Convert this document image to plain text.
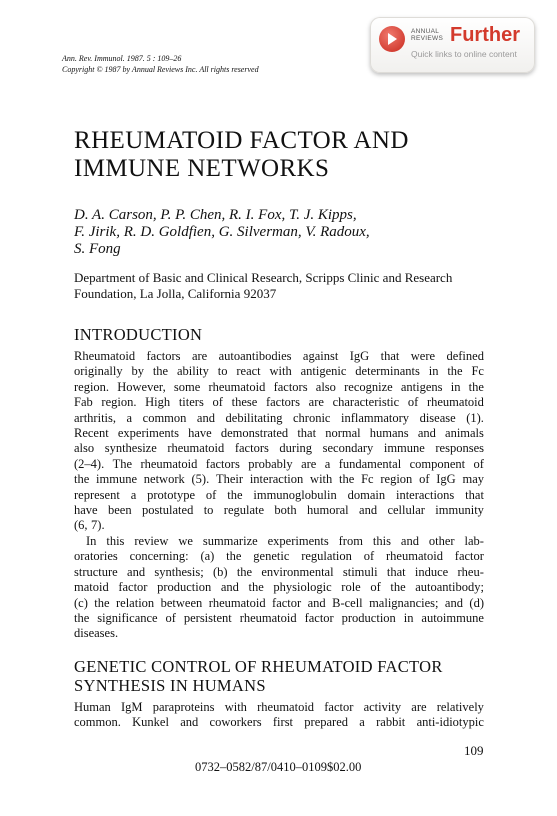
Ann. Rev. Immunol. 1987. 5 : 109–26
Copyright © 1987 by Annual Reviews Inc. All rights reserved
ANNUAL
REVIEWS Further
Quick links to online content
RHEUMATOID FACTOR AND
IMMUNE NETWORKS
D. A. Carson, P. P. Chen, R. I. Fox, T. J. Kipps,
F. Jirik, R. D. Goldfien, G. Silverman, V. Radoux,
S. Fong
Department of Basic and Clinical Research, Scripps Clinic and Research
Foundation, La Jolla, California 92037
INTRODUCTION
Rheumatoid factors are autoantibodies against IgG that were defined
originally by the ability to react with antigenic determinants in the Fc
region. However, some rheumatoid factors also recognize antigens in the
Fab region. High titers of these factors are characteristic of rheumatoid
arthritis, a common and debilitating chronic inflammatory disease (1).
Recent experiments have demonstrated that normal humans and animals
also synthesize rheumatoid factors during secondary immune responses
(2–4). The rheumatoid factors probably are a fundamental component of
the immune network (5). Their interaction with the Fc region of IgG may
represent a prototype of the immunoglobulin domain interactions that
have been postulated to regulate both humoral and cellular immunity
(6, 7).
In this review we summarize experiments from this and other lab-
oratories concerning: (a) the genetic regulation of rheumatoid factor
structure and synthesis; (b) the environmental stimuli that induce rheu-
matoid factor production and the physiologic role of the autoantibody;
(c) the relation between rheumatoid factor and B-cell malignancies; and (d)
the significance of persistent rheumatoid factor production in autoimmune
diseases.
GENETIC CONTROL OF RHEUMATOID FACTOR
SYNTHESIS IN HUMANS
Human IgM paraproteins with rheumatoid factor activity are relatively
common. Kunkel and coworkers first prepared a rabbit anti-idiotypic
109
0732–0582/87/0410–0109$02.00
